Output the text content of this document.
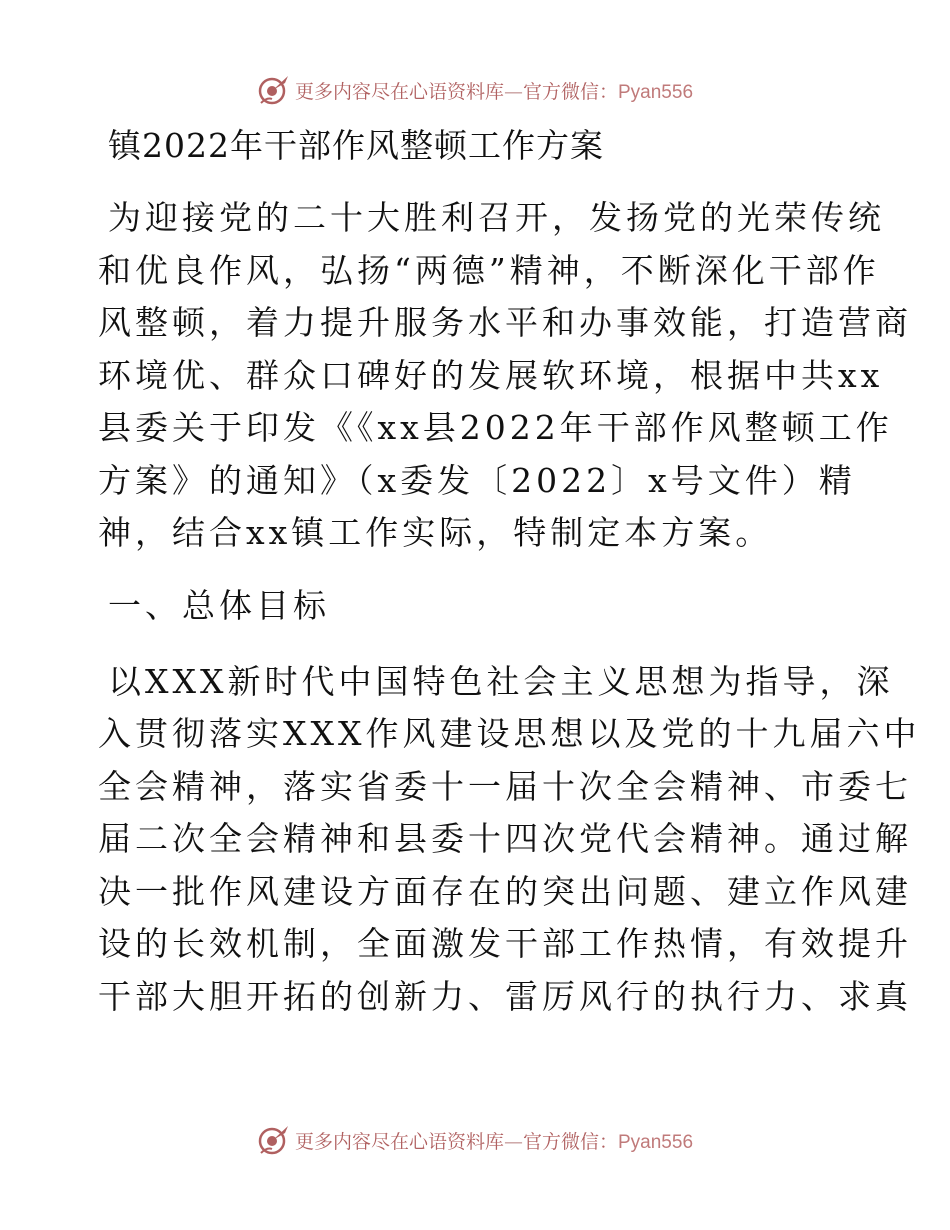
更多内容尽在心语资料库—官方微信：Pyan556
镇2022年干部作风整顿工作方案

为迎接党的二十大胜利召开，发扬党的光荣传统
和优良作风，弘扬“两德”精神，不断深化干部作
风整顿，着力提升服务水平和办事效能，打造营商
环境优、群众口碑好的发展软环境，根据中共xx
县委关于印发《《xx县2022年干部作风整顿工作
方案》的通知》（x委发〔2022〕x号文件）精
神，结合xx镇工作实际，特制定本方案。

一、总体目标

以XXX新时代中国特色社会主义思想为指导，深
入贯彻落实XXX作风建设思想以及党的十九届六中
全会精神，落实省委十一届十次全会精神、市委七
届二次全会精神和县委十四次党代会精神。通过解
决一批作风建设方面存在的突出问题、建立作风建
设的长效机制，全面激发干部工作热情，有效提升
干部大胆开拓的创新力、雷厉风行的执行力、求真

更多内容尽在心语资料库—官方微信：Pyan556
